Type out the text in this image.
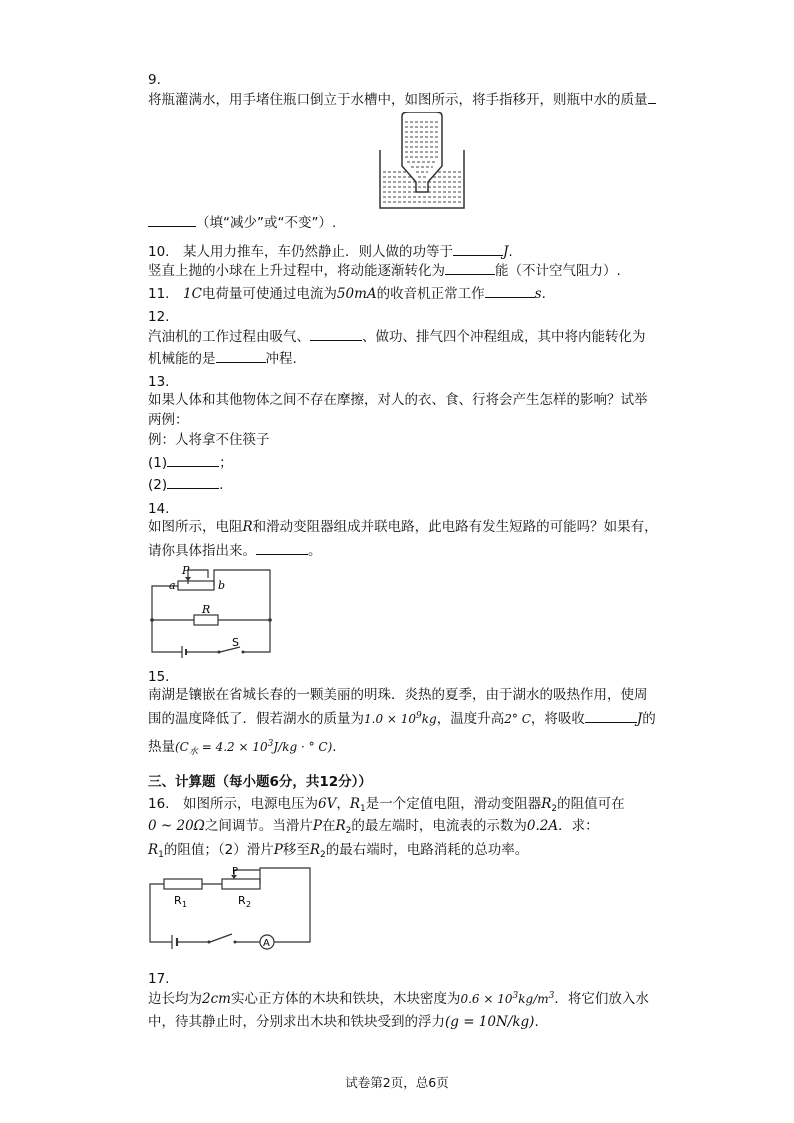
9.
将瓶灌满水，用手堵住瓶口倒立于水槽中，如图所示，将手指移开，则瓶中水的质量
（填“减少”或“不变”）.
10.　某人用力推车，车仍然静止．则人做的功等于	J.
竖直上抛的小球在上升过程中，将动能逐渐转化为	能（不计空气阻力）.
11.　1C电荷量可使通过电流为50mA的收音机正常工作	s.
12.
汽油机的工作过程由吸气、	、做功、排气四个冲程组成，其中将内能转化为
机械能的是	冲程.
13.
如果人体和其他物体之间不存在摩擦，对人的衣、食、行将会产生怎样的影响？试举
两例：
例：人将拿不住筷子
(1)	；
(2)	.
14.
如图所示，电阻R和滑动变阻器组成并联电路，此电路有发生短路的可能吗？如果有，
请你具体指出来。	。
P
a	b
R
S
15.
南湖是镶嵌在省城长春的一颗美丽的明珠．炎热的夏季，由于湖水的吸热作用，使周
围的温度降低了．假若湖水的质量为$1.0 \times 10^9kg$，温度升高2° C，将吸收	J的
热量($C_水 = 4.2 \times 10^3J/kg$ · ° C).
三、计算题（每小题6分，共12分））
16.　如图所示，电源电压为6V，$R_1$是一个定值电阻，滑动变阻器$R_2$的阻值可在
0 ~ 20Ω之间调节。当滑片P在$R_2$的最左端时，电流表的示数为0.2A．求：
$R_1$的阻值；（2）滑片P移至$R_2$的最右端时，电路消耗的总功率。
P
R 1	R 2
A
17.
边长均为2cm实心正方体的木块和铁块，木块密度为$0.6 \times 10^3kg/m^3$．将它们放入水
中，待其静止时，分别求出木块和铁块受到的浮力(g = 10N/kg).
试卷第2页，总6页
